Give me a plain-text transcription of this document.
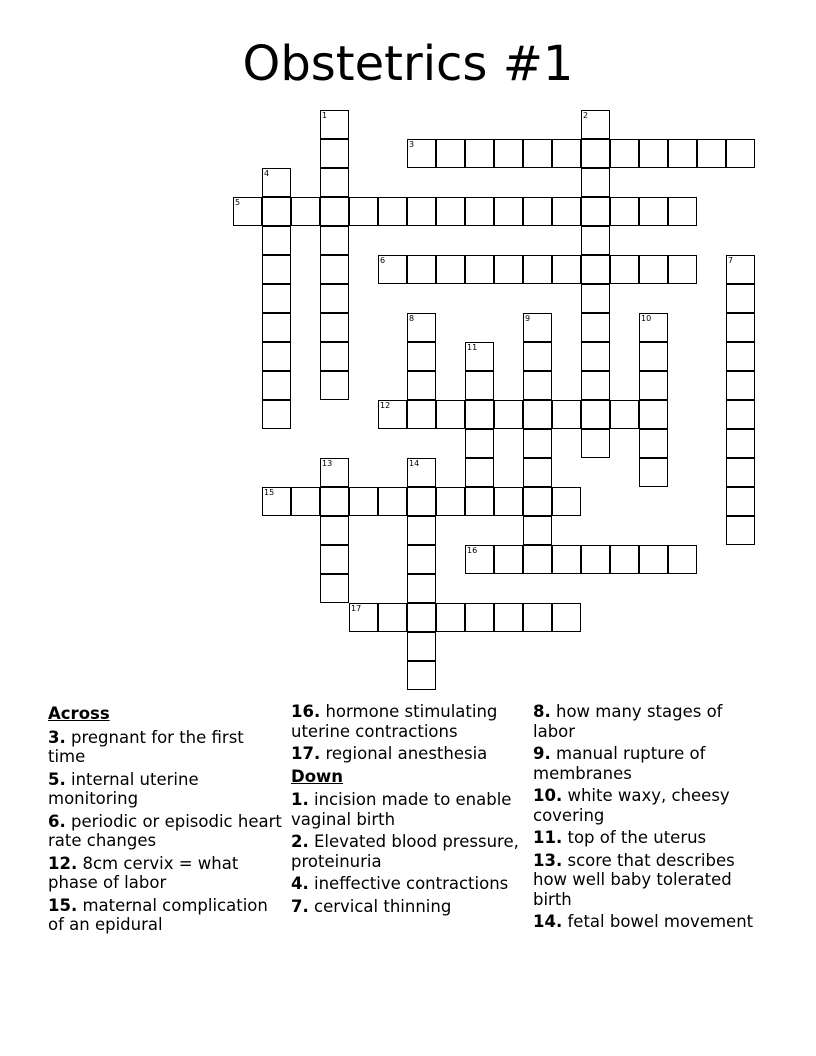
Obstetrics #1
1	2
3
4
5
6	7
8	9	10
11
12
13	14
15
16
17
Across
3. pregnant for the first time
5. internal uterine monitoring
6. periodic or episodic heart rate changes
12. 8cm cervix = what phase of labor
15. maternal complication of an epidural
16. hormone stimulating uterine contractions
17. regional anesthesia
Down
1. incision made to enable vaginal birth
2. Elevated blood pressure, proteinuria
4. ineffective contractions
7. cervical thinning
8. how many stages of labor
9. manual rupture of membranes
10. white waxy, cheesy covering
11. top of the uterus
13. score that describes how well baby tolerated birth
14. fetal bowel movement
